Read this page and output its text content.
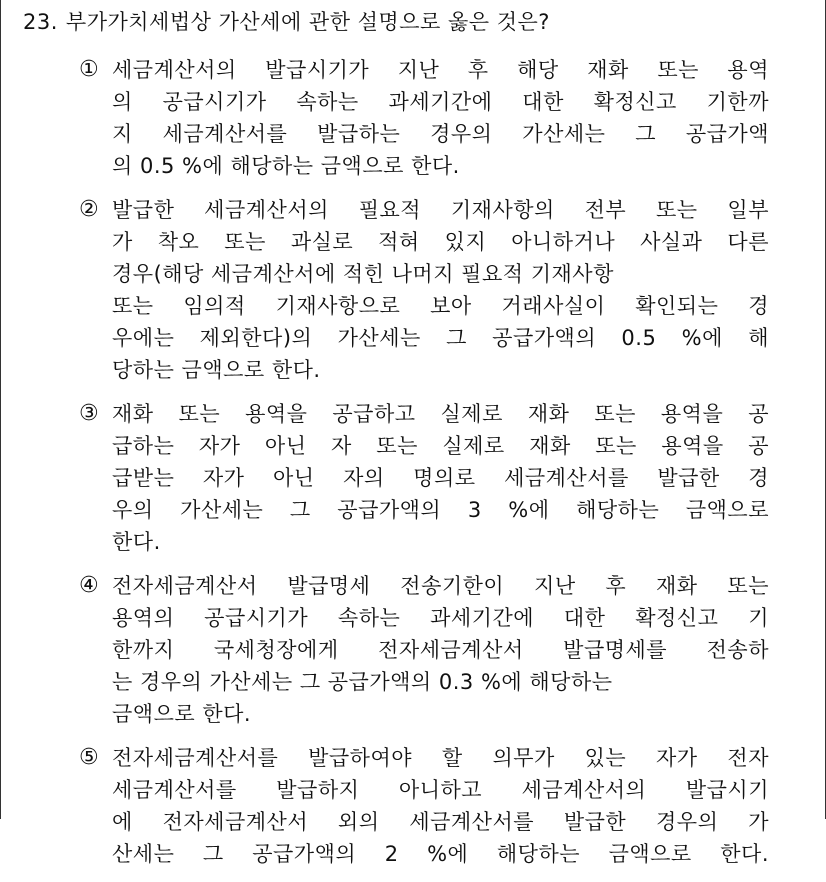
23. 부가가치세법상 가산세에 관한 설명으로 옳은 것은?
① 세금계산서의 발급시기가 지난 후 해당 재화 또는 용역
의 공급시기가 속하는 과세기간에 대한 확정신고 기한까
지 세금계산서를 발급하는 경우의 가산세는 그 공급가액
의 0.5 %에 해당하는 금액으로 한다.
② 발급한 세금계산서의 필요적 기재사항의 전부 또는 일부
가 착오 또는 과실로 적혀 있지 아니하거나 사실과 다른
경우(해당 세금계산서에 적힌 나머지 필요적 기재사항
또는 임의적 기재사항으로 보아 거래사실이 확인되는 경
우에는 제외한다)의 가산세는 그 공급가액의 0.5 %에 해
당하는 금액으로 한다.
③ 재화 또는 용역을 공급하고 실제로 재화 또는 용역을 공
급하는 자가 아닌 자 또는 실제로 재화 또는 용역을 공
급받는 자가 아닌 자의 명의로 세금계산서를 발급한 경
우의 가산세는 그 공급가액의 3 %에 해당하는 금액으로
한다.
④ 전자세금계산서 발급명세 전송기한이 지난 후 재화 또는
용역의 공급시기가 속하는 과세기간에 대한 확정신고 기
한까지 국세청장에게 전자세금계산서 발급명세를 전송하
는 경우의 가산세는 그 공급가액의 0.3 %에 해당하는
금액으로 한다.
⑤ 전자세금계산서를 발급하여야 할 의무가 있는 자가 전자
세금계산서를 발급하지 아니하고 세금계산서의 발급시기
에 전자세금계산서 외의 세금계산서를 발급한 경우의 가
산세는 그 공급가액의 2 %에 해당하는 금액으로 한다.
